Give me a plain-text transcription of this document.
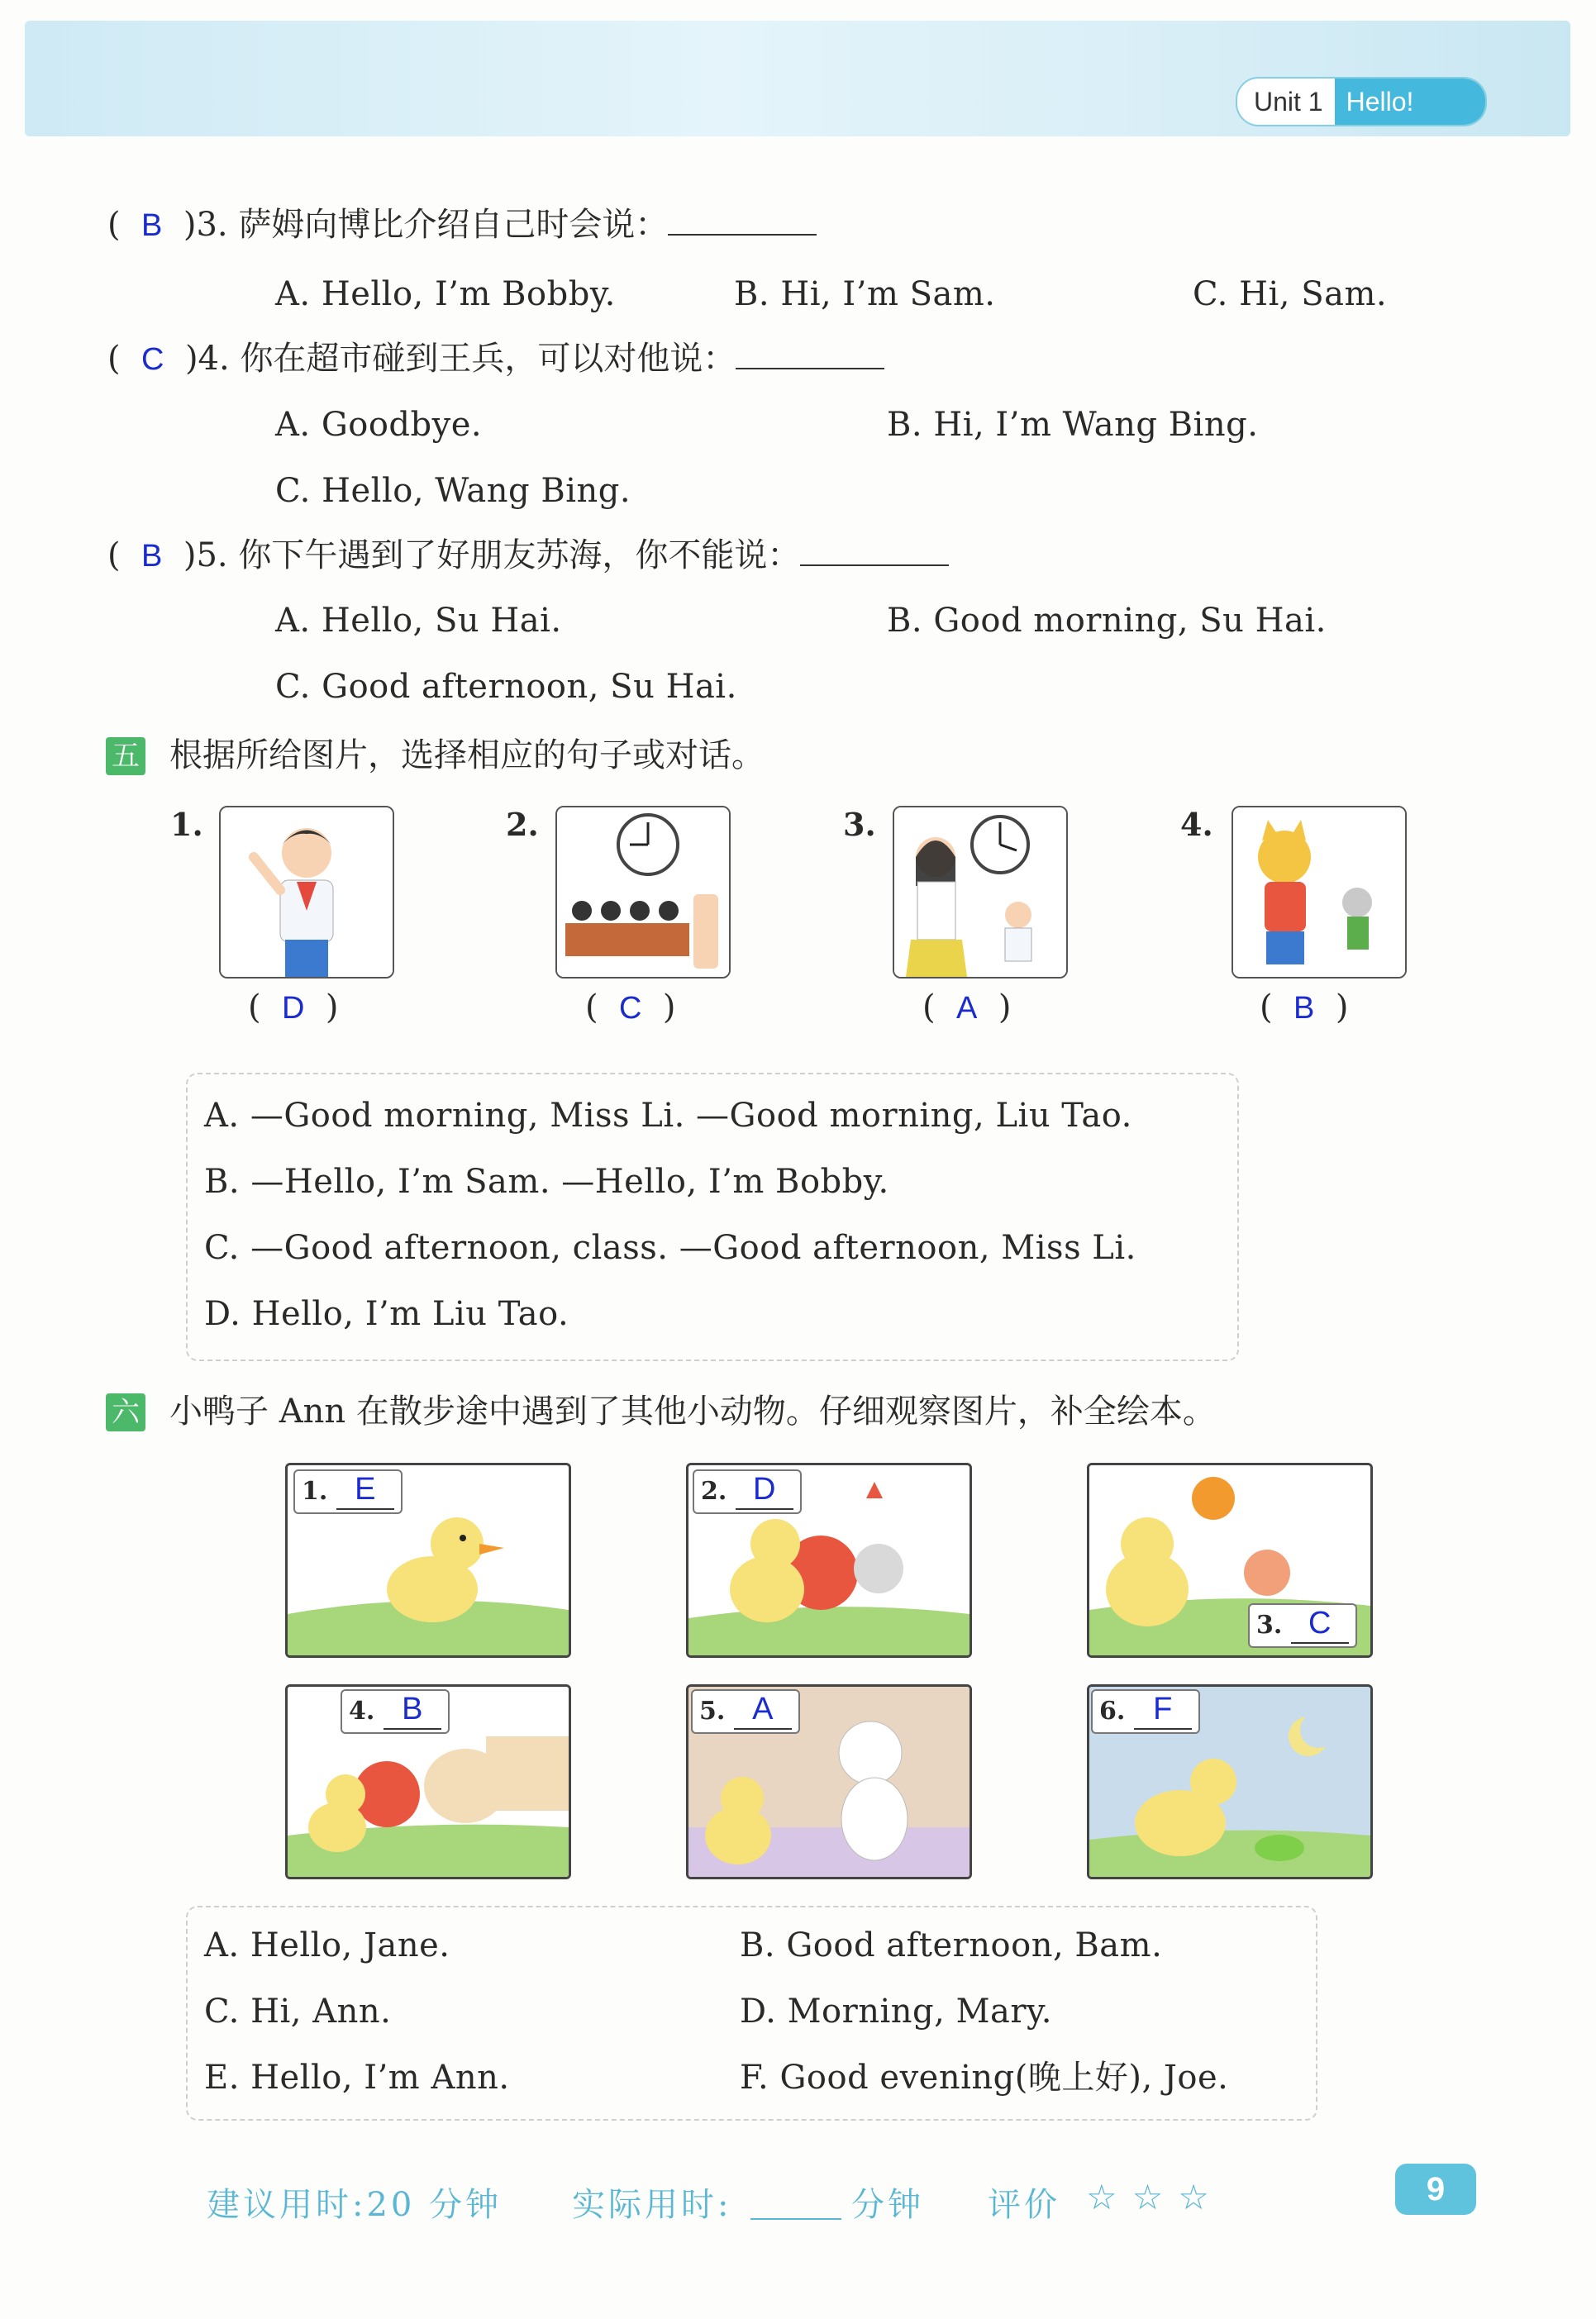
Unit 1 Hello!
(  B )3. 萨姆向博比介绍自己时会说：
A. Hello, I’m Bobby.	B. Hi, I’m Sam.	C. Hi, Sam.
(  C )4. 你在超市碰到王兵，可以对他说：
A. Goodbye.	B. Hi, I’m Wang Bing.
C. Hello, Wang Bing.
(  B )5. 你下午遇到了好朋友苏海，你不能说：
A. Hello, Su Hai.	B. Good morning, Su Hai.
C. Good afternoon, Su Hai.
五 根据所给图片，选择相应的句子或对话。
1.
(  D  )
2.
(  C  )
3.
(  A  )
4.
(  B  )
A. —Good morning, Miss Li. —Good morning, Liu Tao.
B. —Hello, I’m Sam. —Hello, I’m Bobby.
C. —Good afternoon, class. —Good afternoon, Miss Li.
D. Hello, I’m Liu Tao.
六 小鸭子 Ann 在散步途中遇到了其他小动物。仔细观察图片，补全绘本。
1. E	2. D
3. C
4. B	5. A	6. F
A. Hello, Jane.	B. Good afternoon, Bam.
C. Hi, Ann.	D. Morning, Mary.
E. Hello, I’m Ann.	F. Good evening(晚上好), Joe.
建议用时:20 分钟 实际用时:	分钟 评价 ☆☆☆	9
